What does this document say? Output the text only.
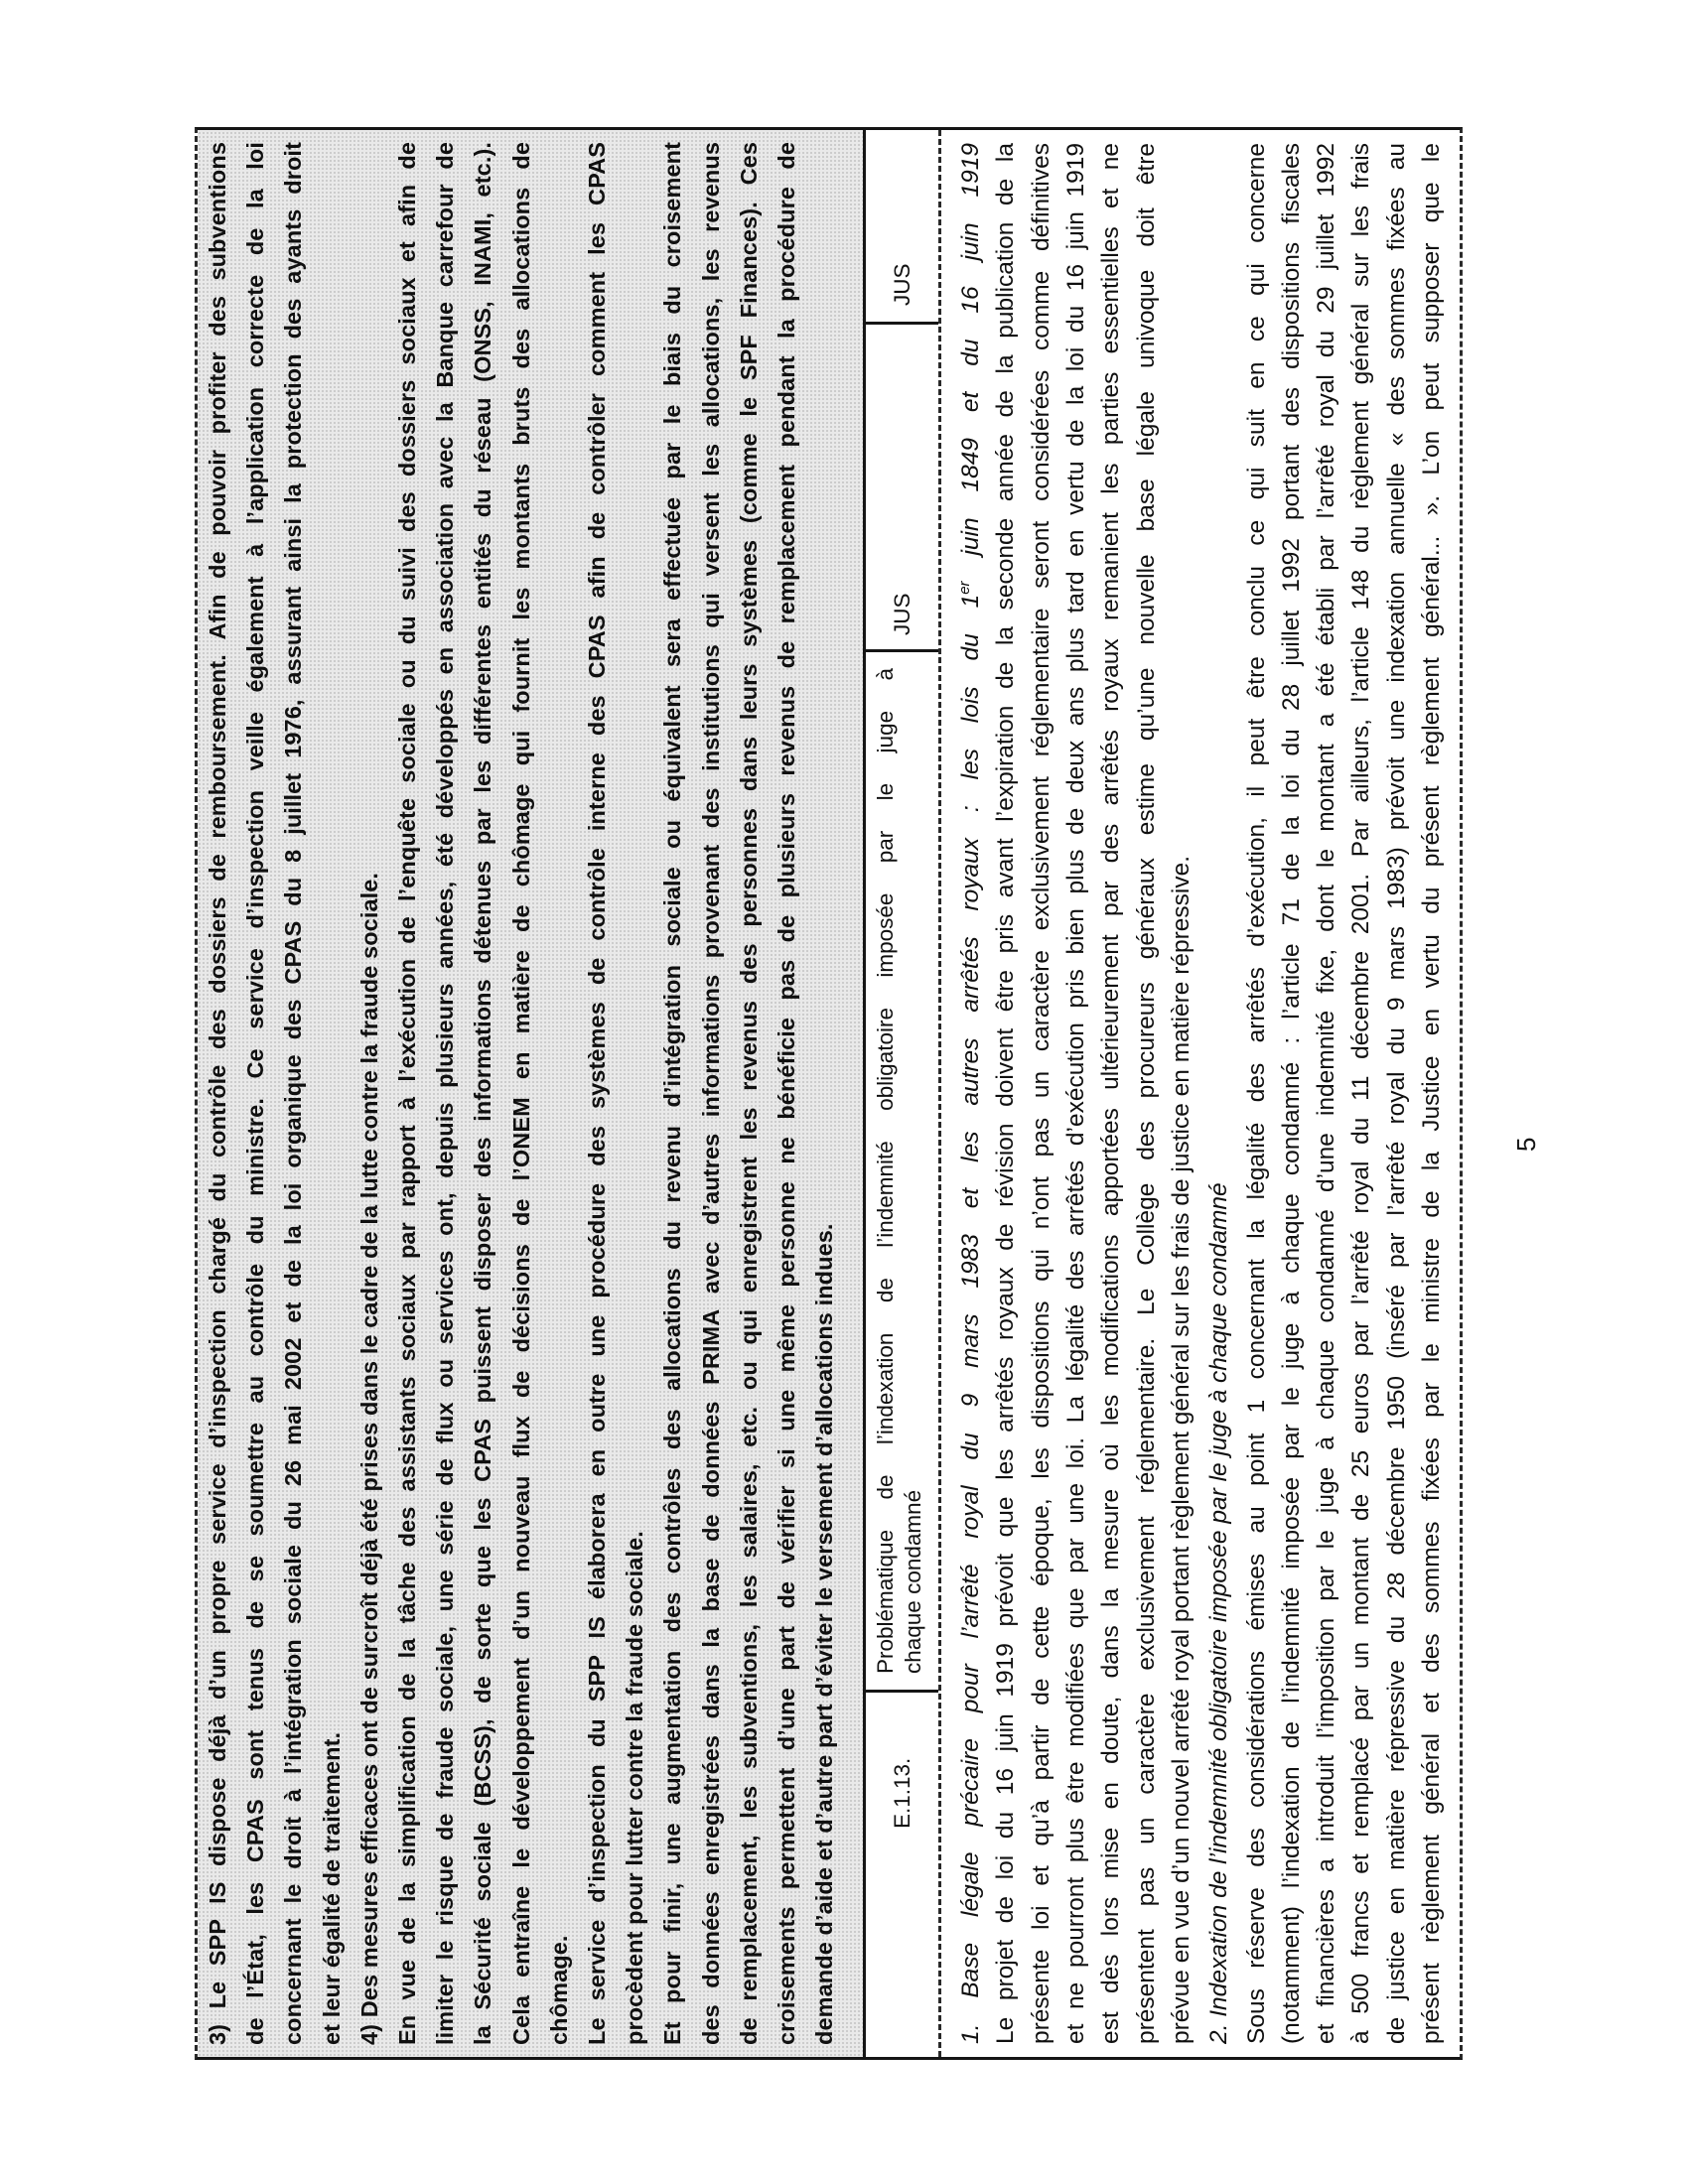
3) Le SPP IS dispose déjà d’un propre service d’inspection chargé du contrôle des dossiers de remboursement. Afin de pouvoir profiter des subventions de l’État, les CPAS sont tenus de se soumettre au contrôle du ministre. Ce service d’inspection veille également à l’application correcte de la loi concernant le droit à l’intégration sociale du 26 mai 2002 et de la loi organique des CPAS du 8 juillet 1976, assurant ainsi la protection des ayants droit et leur égalité de traitement. 4) Des mesures efficaces ont de surcroît déjà été prises dans le cadre de la lutte contre la fraude sociale. En vue de la simplification de la tâche des assistants sociaux par rapport à l’exécution de l’enquête sociale ou du suivi des dossiers sociaux et afin de limiter le risque de fraude sociale, une série de flux ou services ont, depuis plusieurs années, été développés en association avec la Banque carrefour de la Sécurité sociale (BCSS), de sorte que les CPAS puissent disposer des informations détenues par les différentes entités du réseau (ONSS, INAMI, etc.). Cela entraîne le développement d’un nouveau flux de décisions de l’ONEM en matière de chômage qui fournit les montants bruts des allocations de chômage. Le service d’inspection du SPP IS élaborera en outre une procédure des systèmes de contrôle interne des CPAS afin de contrôler comment les CPAS procèdent pour lutter contre la fraude sociale. Et pour finir, une augmentation des contrôles des allocations du revenu d’intégration sociale ou équivalent sera effectuée par le biais du croisement des données enregistrées dans la base de données PRIMA avec d’autres informations provenant des institutions qui versent les allocations, les revenus de remplacement, les subventions, les salaires, etc. ou qui enregistrent les revenus des personnes dans leurs systèmes (comme le SPF Finances). Ces croisements permettent d’une part de vérifier si une même personne ne bénéficie pas de plusieurs revenus de remplacement pendant la procédure de demande d’aide et d’autre part d’éviter le versement d’allocations indues. E.1.13.
Problématique de l’indexation de l’indemnité obligatoire imposée par le juge à chaque condamné
JUS
JUS
1. Base légale précaire pour l’arrêté royal du 9 mars 1983 et les autres arrêtés royaux : les lois du 1er juin 1849 et du 16 juin 1919 Le projet de loi du 16 juin 1919 prévoit que les arrêtés royaux de révision doivent être pris avant l’expiration de la seconde année de la publication de la présente loi et qu’à partir de cette époque, les dispositions qui n’ont pas un caractère exclusivement réglementaire seront considérées comme définitives et ne pourront plus être modifiées que par une loi. La légalité des arrêtés d’exécution pris bien plus de deux ans plus tard en vertu de la loi du 16 juin 1919 est dès lors mise en doute, dans la mesure où les modifications apportées ultérieurement par des arrêtés royaux remanient les parties essentielles et ne présentent pas un caractère exclusivement réglementaire. Le Collège des procureurs généraux estime qu’une nouvelle base légale univoque doit être prévue en vue d’un nouvel arrêté royal portant règlement général sur les frais de justice en matière répressive. 2. Indexation de l’indemnité obligatoire imposée par le juge à chaque condamné Sous réserve des considérations émises au point 1 concernant la légalité des arrêtés d’exécution, il peut être conclu ce qui suit en ce qui concerne (notamment) l’indexation de l’indemnité imposée par le juge à chaque condamné : l’article 71 de la loi du 28 juillet 1992 portant des dispositions fiscales et financières a introduit l’imposition par le juge à chaque condamné d’une indemnité fixe, dont le montant a été établi par l’arrêté royal du 29 juillet 1992 à 500 francs et remplacé par un montant de 25 euros par l’arrêté royal du 11 décembre 2001. Par ailleurs, l’article 148 du règlement général sur les frais de justice en matière répressive du 28 décembre 1950 (inséré par l’arrêté royal du 9 mars 1983) prévoit une indexation annuelle « des sommes fixées au présent règlement général et des sommes fixées par le ministre de la Justice en vertu du présent règlement général... ». L’on peut supposer que le	5
